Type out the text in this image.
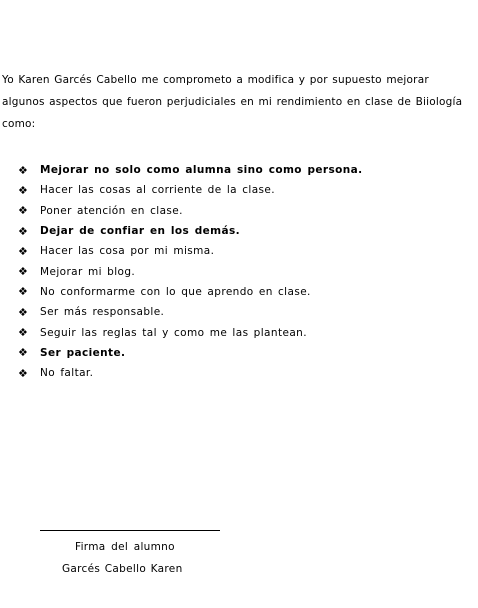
Yo Karen Garcés Cabello me comprometo a modifica y por supuesto mejorar algunos aspectos que fueron perjudiciales en mi rendimiento en clase de Biiología como:

❖	Mejorar no solo como alumna sino como persona.
❖	Hacer las cosas al corriente de la clase.
❖	Poner atención en clase.
❖	Dejar de confiar en los demás.
❖	Hacer las cosa por mi misma.
❖	Mejorar mi blog.
❖	No conformarme con lo que aprendo en clase.
❖	Ser más responsable.
❖	Seguir las reglas tal y como me las plantean.
❖	Ser paciente.
❖	No faltar.
Firma del alumno
Garcés Cabello Karen
